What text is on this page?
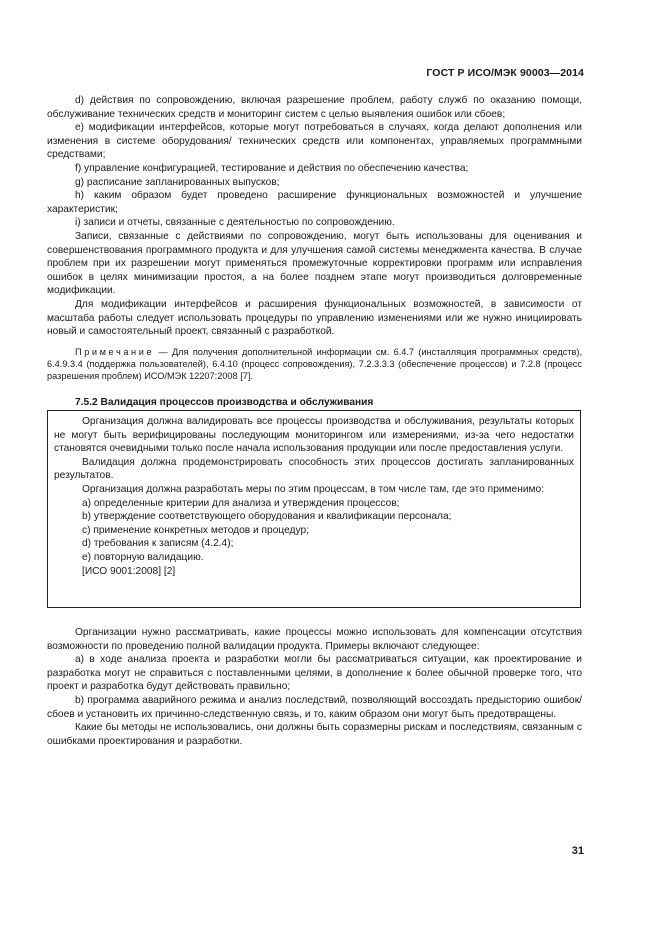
ГОСТ Р ИСО/МЭК 90003—2014

d) действия по сопровождению, включая разрешение проблем, работу служб по оказанию помощи, обслуживание технических средств и мониторинг систем с целью выявления ошибок или сбоев;

e) модификации интерфейсов, которые могут потребоваться в случаях, когда делают дополнения или изменения в системе оборудования/ технических средств или компонентах, управляемых программными средствами;

f) управление конфигурацией, тестирование и действия по обеспечению качества;

g) расписание запланированных выпусков;

h) каким образом будет проведено расширение функциональных возможностей и улучшение характеристик;

i) записи и отчеты, связанные с деятельностью по сопровождению.

Записи, связанные с действиями по сопровождению, могут быть использованы для оценивания и совершенствования программного продукта и для улучшения самой системы менеджмента качества. В случае проблем при их разрешении могут применяться промежуточные корректировки программ или исправления ошибок в целях минимизации простоя, а на более позднем этапе могут производиться долговременные модификации.

Для модификации интерфейсов и расширения функциональных возможностей, в зависимости от масштаба работы следует использовать процедуры по управлению изменениями или же нужно инициировать новый и самостоятельный проект, связанный с разработкой.

Примечание — Для получения дополнительной информации см. 6.4.7 (инсталляция программных средств), 6.4.9.3.4 (поддержка пользователей), 6.4.10 (процесс сопровождения), 7.2.3.3.3 (обеспечение процессов) и 7.2.8 (процесс разрешения проблем) ИСО/МЭК 12207:2008 [7].

7.5.2 Валидация процессов производства и обслуживания

Организация должна валидировать все процессы производства и обслуживания, результаты которых не могут быть верифицированы последующим мониторингом или измерениями, из-за чего недостатки становятся очевидными только после начала использования продукции или после предоставления услуги.

Валидация должна продемонстрировать способность этих процессов достигать запланированных результатов.

Организация должна разработать меры по этим процессам, в том числе там, где это применимо:

a) определенные критерии для анализа и утверждения процессов;

b) утверждение соответствующего оборудования и квалификации персонала;

c) применение конкретных методов и процедур;

d) требования к записям (4.2.4);

e) повторную валидацию.

[ИСО 9001:2008] [2]

Организации нужно рассматривать, какие процессы можно использовать для компенсации отсутствия возможности по проведению полной валидации продукта. Примеры включают следующее:

a) в ходе анализа проекта и разработки могли бы рассматриваться ситуации, как проектирование и разработка могут не справиться с поставленными целями, в дополнение к более обычной проверке того, что проект и разработка будут действовать правильно;

b) программа аварийного режима и анализ последствий, позволяющий воссоздать предысторию ошибок/сбоев и установить их причинно-следственную связь, и то, каким образом они могут быть предотвращены.

Какие бы методы не использовались, они должны быть соразмерны рискам и последствиям, связанным с ошибками проектирования и разработки.

31
